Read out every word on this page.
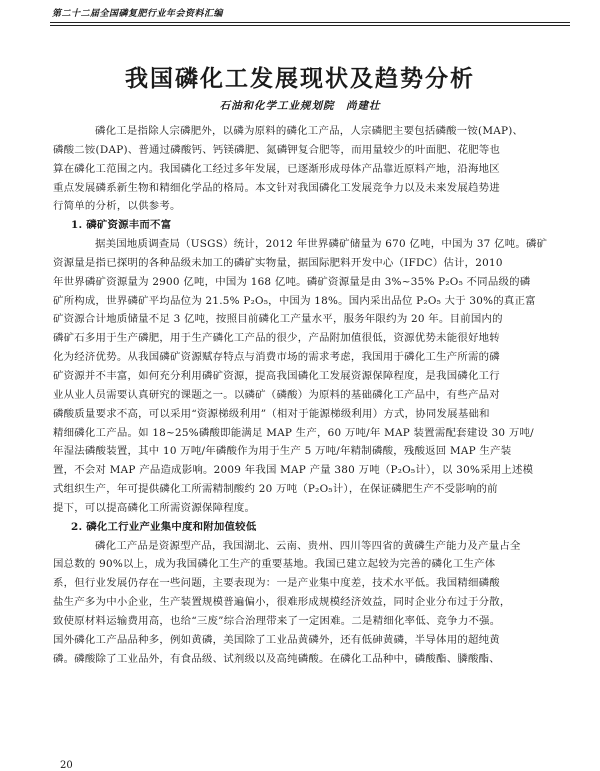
第二十二届全国磷复肥行业年会资料汇编
我国磷化工发展现状及趋势分析
石油和化学工业规划院　尚建壮
磷化工是指除人宗磷肥外，以磷为原料的磷化工产品，人宗磷肥主要包括磷酸一铵(MAP)、
磷酸二铵(DAP)、普通过磷酸钙、钙镁磷肥、氮磷钾复合肥等，而用量较少的叶面肥、花肥等也
算在磷化工范围之内。我国磷化工经过多年发展，已逐渐形成母体产品靠近原料产地，沿海地区
重点发展磷系新生物和精细化学品的格局。本文针对我国磷化工发展竞争力以及未来发展趋势进
行简单的分析，以供参考。
1. 磷矿资源丰而不富
据美国地质调查局（USGS）统计，2012 年世界磷矿储量为 670 亿吨，中国为 37 亿吨。磷矿
资源量是指已探明的各种品级未加工的磷矿实物量，据国际肥料开发中心（IFDC）估计，2010
年世界磷矿资源量为 2900 亿吨，中国为 168 亿吨。磷矿资源量是由 3%~35% P₂O₅ 不同品级的磷
矿所构成，世界磷矿平均品位为 21.5% P₂O₅，中国为 18%。国内采出品位 P₂O₅ 大于 30%的真正富
矿资源合计地质储量不足 3 亿吨，按照目前磷化工产量水平，服务年限约为 20 年。目前国内的
磷矿石多用于生产磷肥，用于生产磷化工产品的很少，产品附加值很低，资源优势未能很好地转
化为经济优势。从我国磷矿资源赋存特点与消费市场的需求考虑，我国用于磷化工生产所需的磷
矿资源并不丰富，如何充分利用磷矿资源，提高我国磷化工发展资源保障程度，是我国磷化工行
业从业人员需要认真研究的课题之一。以磷矿（磷酸）为原料的基础磷化工产品中，有些产品对
磷酸质量要求不高，可以采用“资源梯级利用”（相对于能源梯级利用）方式，协同发展基础和
精细磷化工产品。如 18~25%磷酸即能满足 MAP 生产，60 万吨/年 MAP 装置需配套建设 30 万吨/
年湿法磷酸装置，其中 10 万吨/年磷酸作为用于生产 5 万吨/年精制磷酸，残酸返回 MAP 生产装
置，不会对 MAP 产品造成影响。2009 年我国 MAP 产量 380 万吨（P₂O₅计），以 30%采用上述模
式组织生产，年可提供磷化工所需精制酸约 20 万吨（P₂O₅计），在保证磷肥生产不受影响的前
提下，可以提高磷化工所需资源保障程度。
2. 磷化工行业产业集中度和附加值较低
磷化工产品是资源型产品，我国湖北、云南、贵州、四川等四省的黄磷生产能力及产量占全
国总数的 90%以上，成为我国磷化工生产的重要基地。我国已建立起较为完善的磷化工生产体
系，但行业发展仍存在一些问题，主要表现为：一是产业集中度差，技术水平低。我国精细磷酸
盐生产多为中小企业，生产装置规模普遍偏小，很难形成规模经济效益，同时企业分布过于分散，
致使原材料运输费用高，也给“三废”综合治理带来了一定困难。二是精细化率低、竞争力不强。
国外磷化工产品品种多，例如黄磷，美国除了工业品黄磷外，还有低砷黄磷，半导体用的超纯黄
磷。磷酸除了工业品外，有食品级、试剂级以及高纯磷酸。在磷化工品种中，磷酸酯、膦酸酯、
20
